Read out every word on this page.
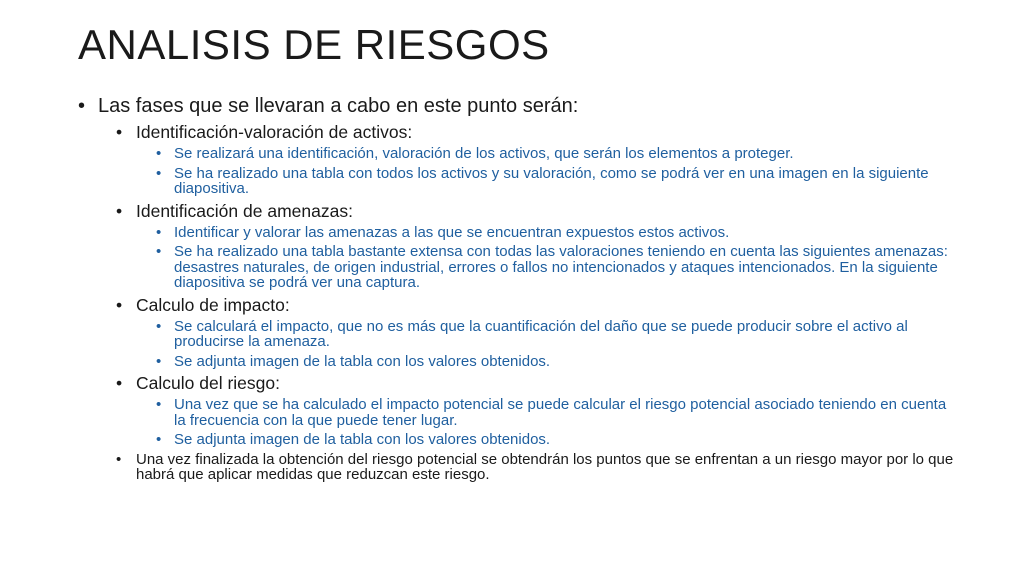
ANALISIS DE RIESGOS
• Las fases que se llevaran a cabo en este punto serán:
• Identificación-valoración de activos:
• Se realizará una identificación, valoración de los activos, que serán los elementos a proteger.
• Se ha realizado una tabla con todos los activos y su valoración, como se podrá ver en una imagen en la siguiente diapositiva.
• Identificación de amenazas:
• Identificar y valorar las amenazas a las que se encuentran expuestos estos activos.
• Se ha realizado una tabla bastante extensa con todas las valoraciones teniendo en cuenta las siguientes amenazas: desastres naturales, de origen industrial, errores o fallos no intencionados y ataques intencionados. En la siguiente diapositiva se podrá ver una captura.
• Calculo de impacto:
• Se calculará el impacto, que no es más que la cuantificación del daño que se puede producir sobre el activo al producirse la amenaza.
• Se adjunta imagen de la tabla con los valores obtenidos.
• Calculo del riesgo:
• Una vez que se ha calculado el impacto potencial se puede calcular el riesgo potencial asociado teniendo en cuenta la frecuencia con la que puede tener lugar.
• Se adjunta imagen de la tabla con los valores obtenidos.
• Una vez finalizada la obtención del riesgo potencial se obtendrán los puntos que se enfrentan a un riesgo mayor por lo que habrá que aplicar medidas que reduzcan este riesgo.
